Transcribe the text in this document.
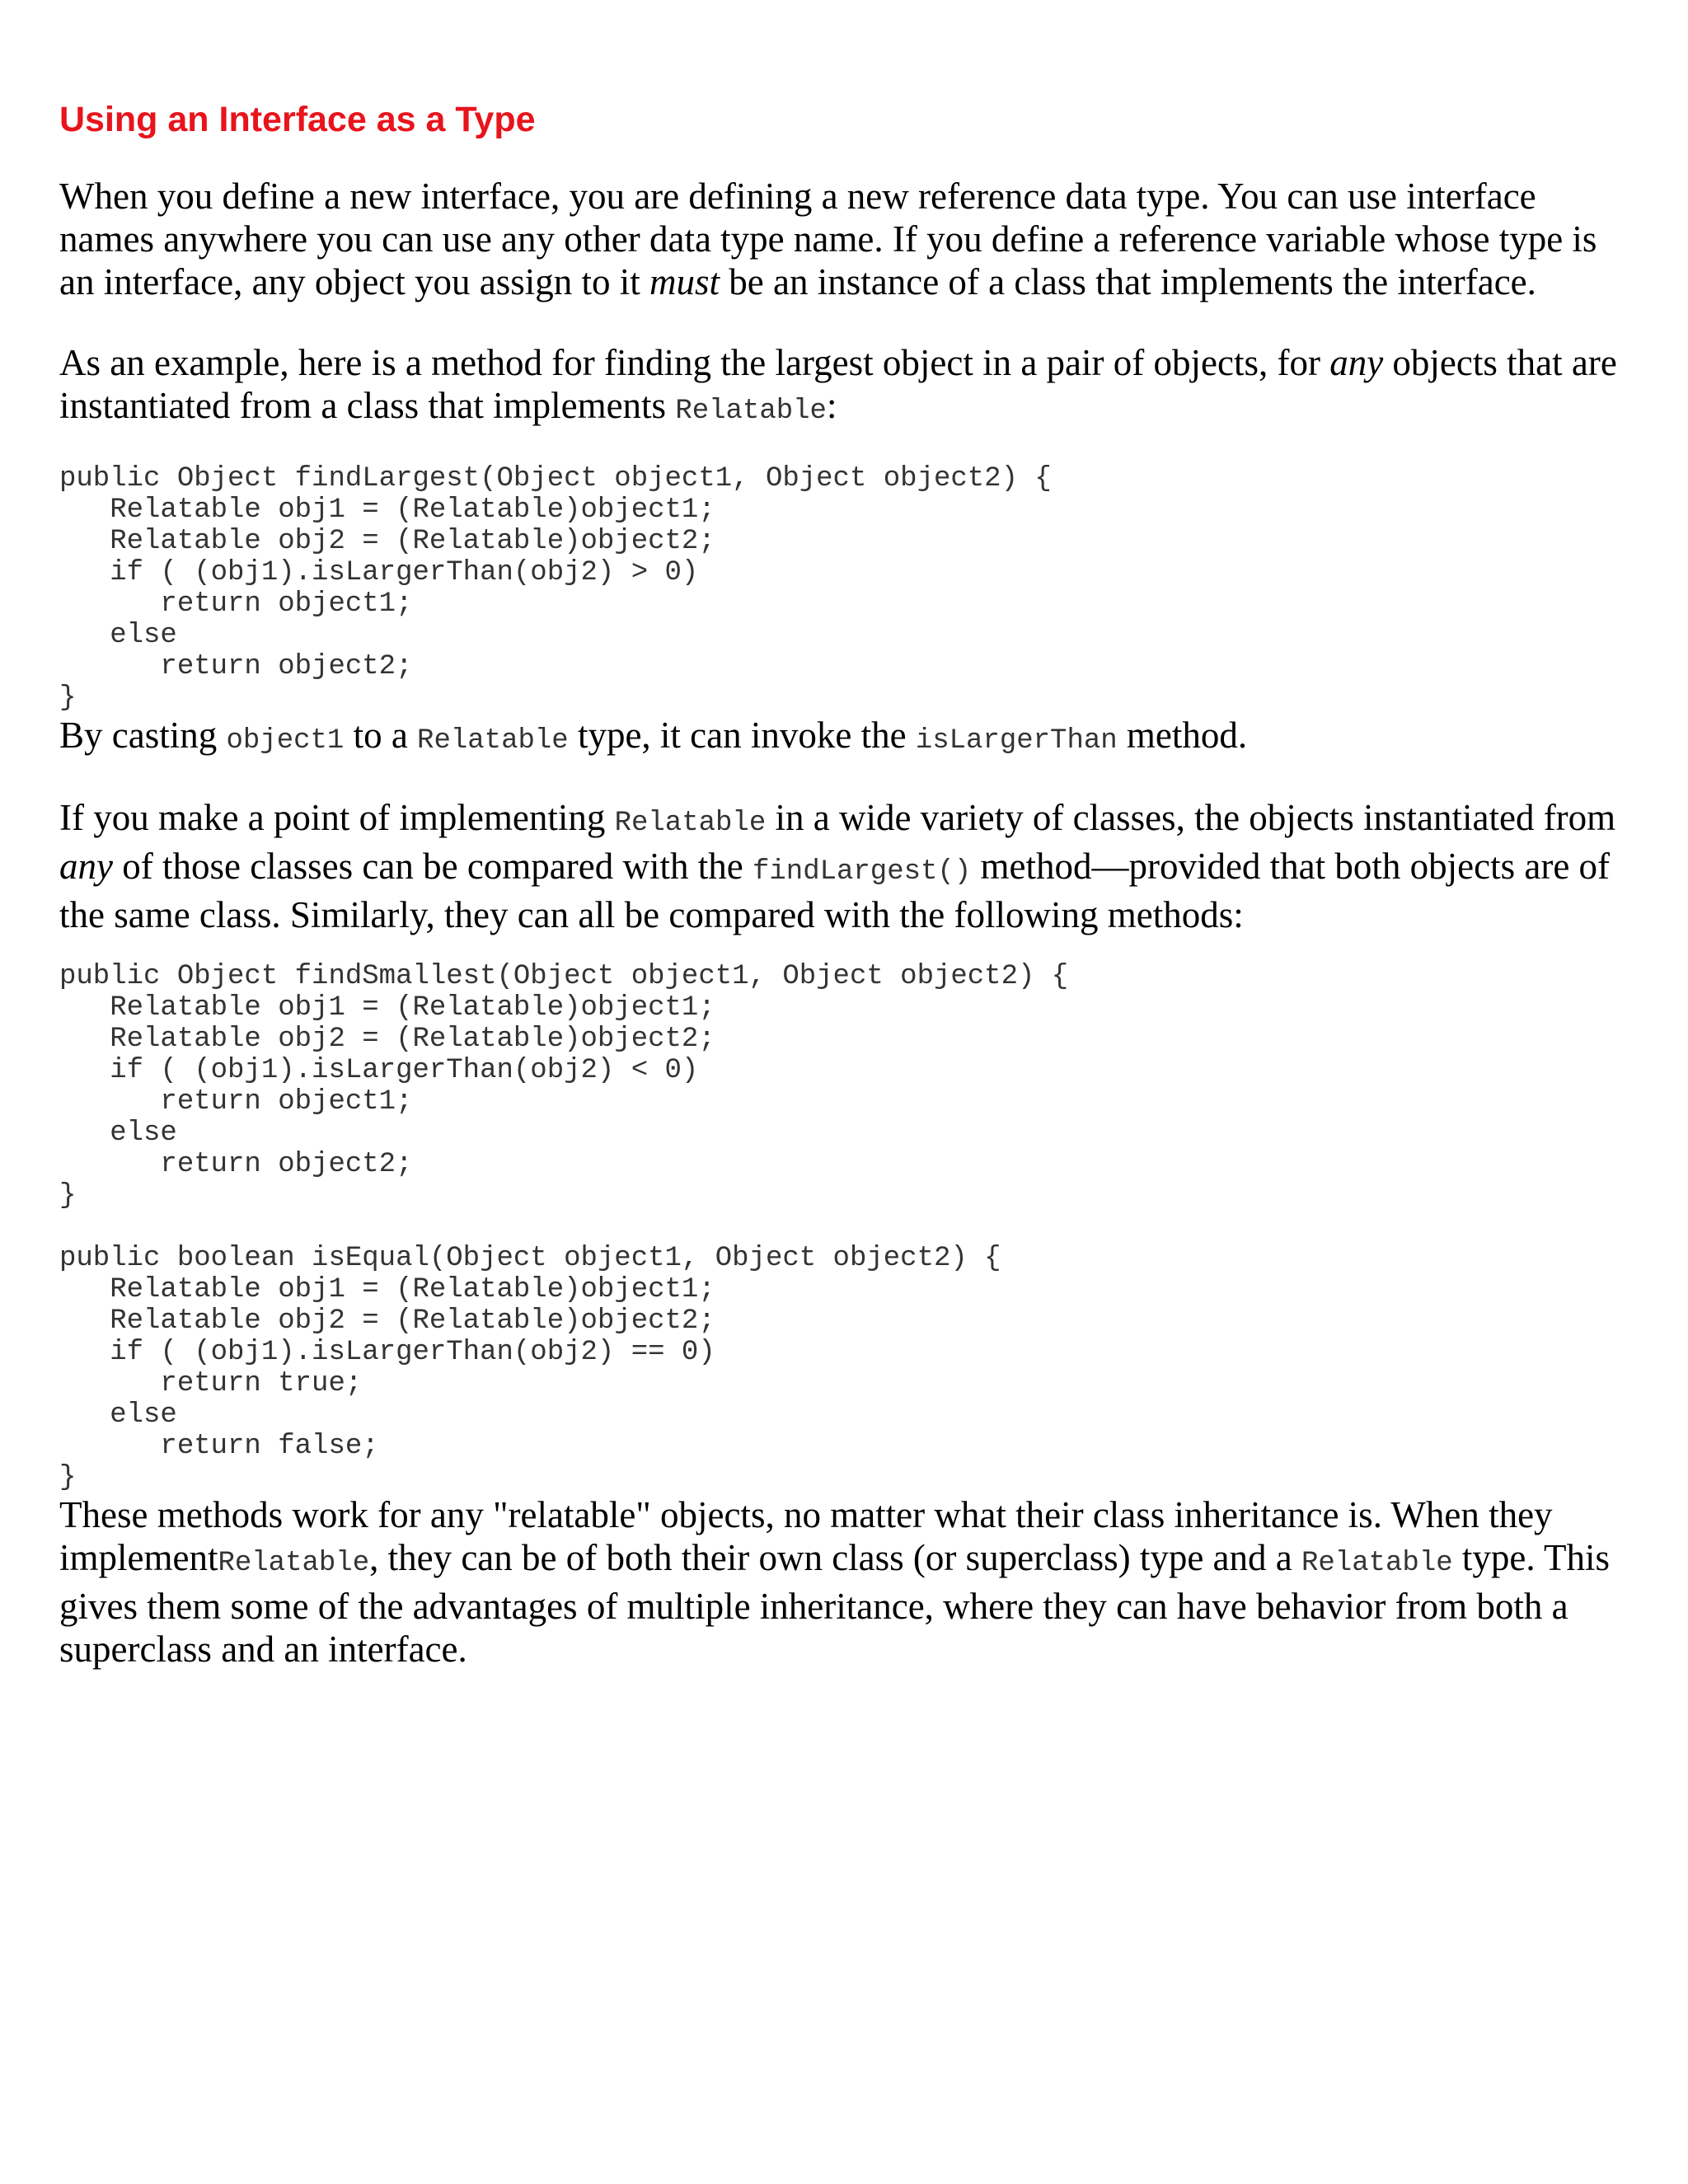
Using an Interface as a Type

When you define a new interface, you are defining a new reference data type. You can use interface names anywhere you can use any other data type name. If you define a reference variable whose type is an interface, any object you assign to it must be an instance of a class that implements the interface.

As an example, here is a method for finding the largest object in a pair of objects, for any objects that are instantiated from a class that implements Relatable:

public Object findLargest(Object object1, Object object2) {
Relatable obj1 = (Relatable)object1;
Relatable obj2 = (Relatable)object2;
if ( (obj1).isLargerThan(obj2) > 0)
return object1;
else
return object2;
}

By casting object1 to a Relatable type, it can invoke the isLargerThan method.

If you make a point of implementing Relatable in a wide variety of classes, the objects instantiated from any of those classes can be compared with the findLargest() method—provided that both objects are of the same class. Similarly, they can all be compared with the following methods:

public Object findSmallest(Object object1, Object object2) {
Relatable obj1 = (Relatable)object1;
Relatable obj2 = (Relatable)object2;
if ( (obj1).isLargerThan(obj2) < 0)
return object1;
else
return object2;
}
public boolean isEqual(Object object1, Object object2) {
Relatable obj1 = (Relatable)object1;
Relatable obj2 = (Relatable)object2;
if ( (obj1).isLargerThan(obj2) == 0)
return true;
else
return false;
}

These methods work for any "relatable" objects, no matter what their class inheritance is. When they implementRelatable, they can be of both their own class (or superclass) type and a Relatable type. This gives them some of the advantages of multiple inheritance, where they can have behavior from both a superclass and an interface.
